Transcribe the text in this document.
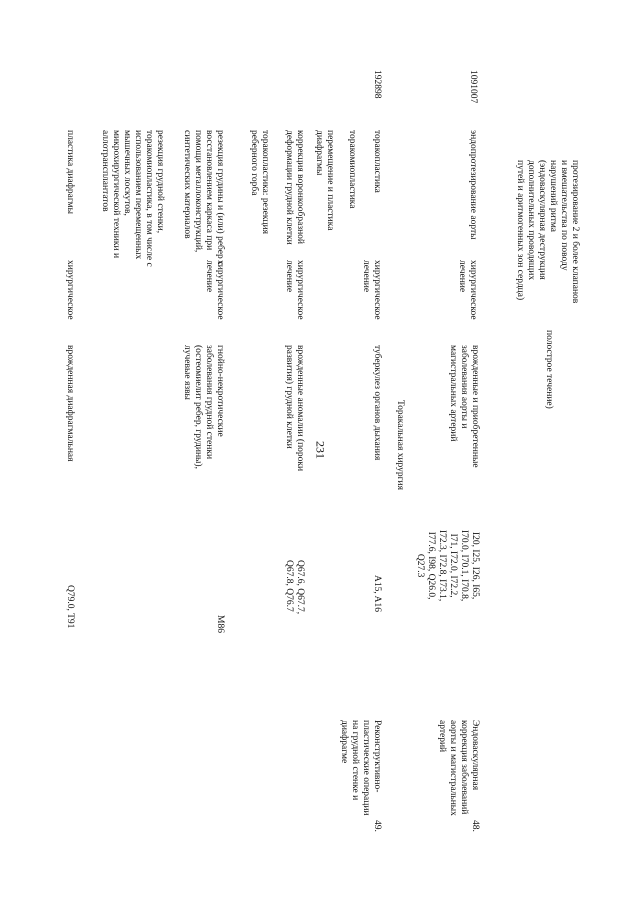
231
полострое течение)
протезирование 2 и более клапанов
и вмешательства по поводу
нарушений ритма
(эндоваскулярная деструкция
дополнительных проводящих
путей и аритмогенных зон сердца)
48.
Эндоваскулярная
коррекция заболеваний
аорты и магистральных
артерий
I20, I25, I26, I65,
I70.0, I70.1, I70.8,
I71, I72.0, I72.2,
I72.3, I72.8, I73.1,
I77.6, I98, Q26.0,
Q27.3
врожденные и приобретенные
заболевания аорты и
магистральных артерий
хирургическое
лечение
эндопротезирование аорты
1091007
Торакальная хирургия
49.
Реконструктивно-
пластические операции
на грудной стенке и
диафрагме
192898
A15, A16
туберкулез органов дыхания
хирургическое
лечение
торакопластика
торакомиопластика
перемещение и пластика
диафрагмы
Q67.6, Q67.7,
Q67.8, Q76.7
врожденные аномалии (пороки
развития) грудной клетки
хирургическое
лечение
коррекция воронкообразной
деформации грудной клетки
торакопластика: резекция
реберного горба
M86
гнойно-некротические
заболевания грудной стенки
(остеомиелит ребер, грудины),
лучевые язвы
хирургическое
лечение
резекция грудины и (или) ребер с
восстановлением каркаса при
помощи металлоконструкций,
синтетических материалов
резекция грудной стенки,
торакомиопластика, в том числе с
использованием перемещенных
мышечных лоскутов,
микрохирургической техники и
аллотрансплантатов
Q79.0, T91
врожденная диафрагмальная
хирургическое
пластика диафрагмы
